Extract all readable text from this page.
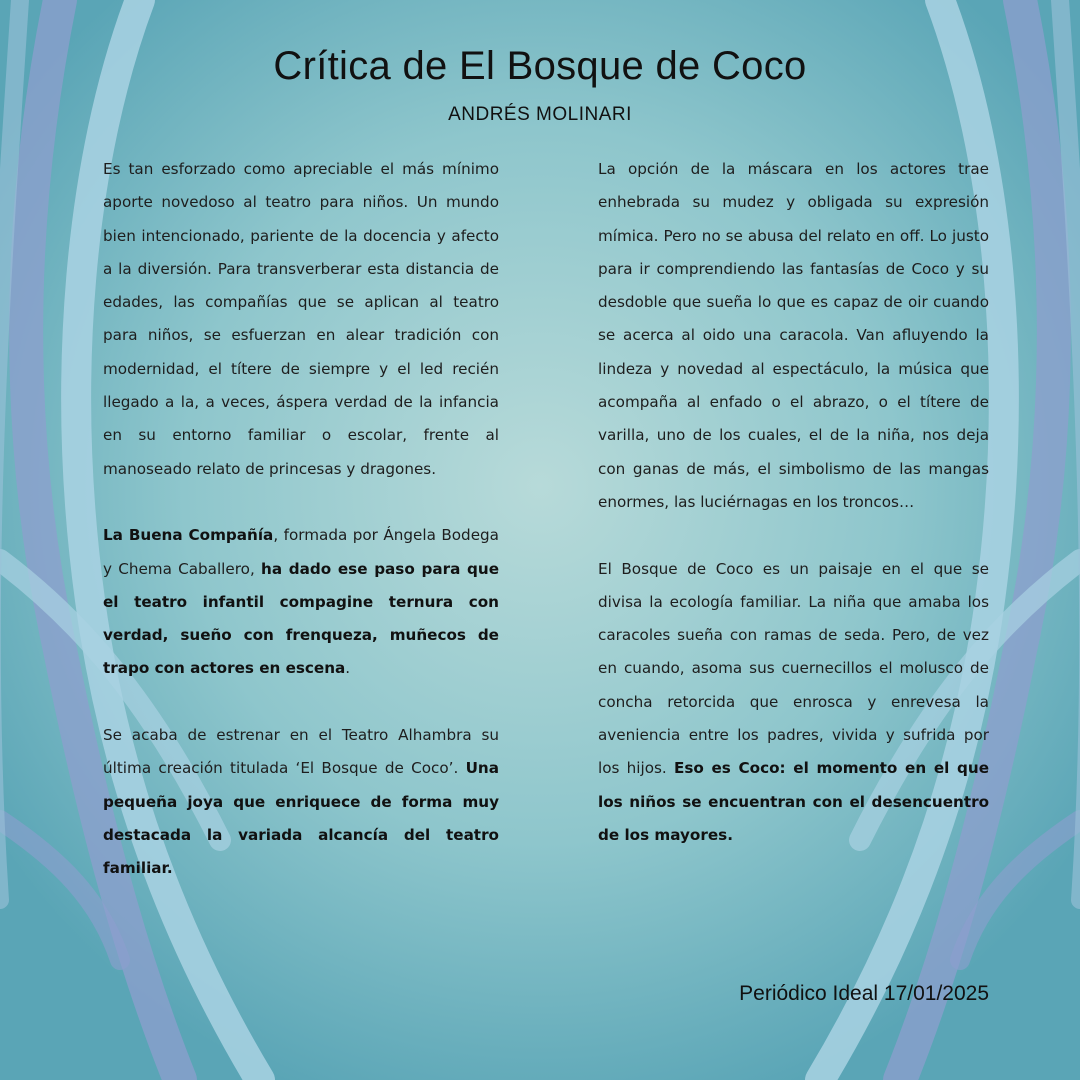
Crítica de El Bosque de Coco
ANDRÉS MOLINARI

Es tan esforzado como apreciable el más mínimo aporte novedoso al teatro para niños. Un mundo bien intencionado, pariente de la docencia y afecto a la diversión. Para transverberar esta distancia de edades, las compañías que se aplican al teatro para niños, se esfuerzan en alear tradición con modernidad, el títere de siempre y el led recién llegado a la, a veces, áspera verdad de la infancia en su entorno familiar o escolar, frente al manoseado relato de princesas y dragones.

La Buena Compañía, formada por Ángela Bodega y Chema Caballero, ha dado ese paso para que el teatro infantil compagine ternura con verdad, sueño con frenqueza, muñecos de trapo con actores en escena.

Se acaba de estrenar en el Teatro Alhambra su última creación titulada ‘El Bosque de Coco’. Una pequeña joya que enriquece de forma muy destacada la variada alcancía del teatro familiar.

La opción de la máscara en los actores trae enhebrada su mudez y obligada su expresión mímica. Pero no se abusa del relato en off. Lo justo para ir comprendiendo las fantasías de Coco y su desdoble que sueña lo que es capaz de oir cuando se acerca al oido una caracola. Van afluyendo la lindeza y novedad al espectáculo, la música que acompaña al enfado o el abrazo, o el títere de varilla, uno de los cuales, el de la niña, nos deja con ganas de más, el simbolismo de las mangas enormes, las luciérnagas en los troncos…

El Bosque de Coco es un paisaje en el que se divisa la ecología familiar. La niña que amaba los caracoles sueña con ramas de seda. Pero, de vez en cuando, asoma sus cuernecillos el molusco de concha retorcida que enrosca y enrevesa la aveniencia entre los padres, vivida y sufrida por los hijos. Eso es Coco: el momento en el que los niños se encuentran con el desencuentro de los mayores.

Periódico Ideal 17/01/2025
